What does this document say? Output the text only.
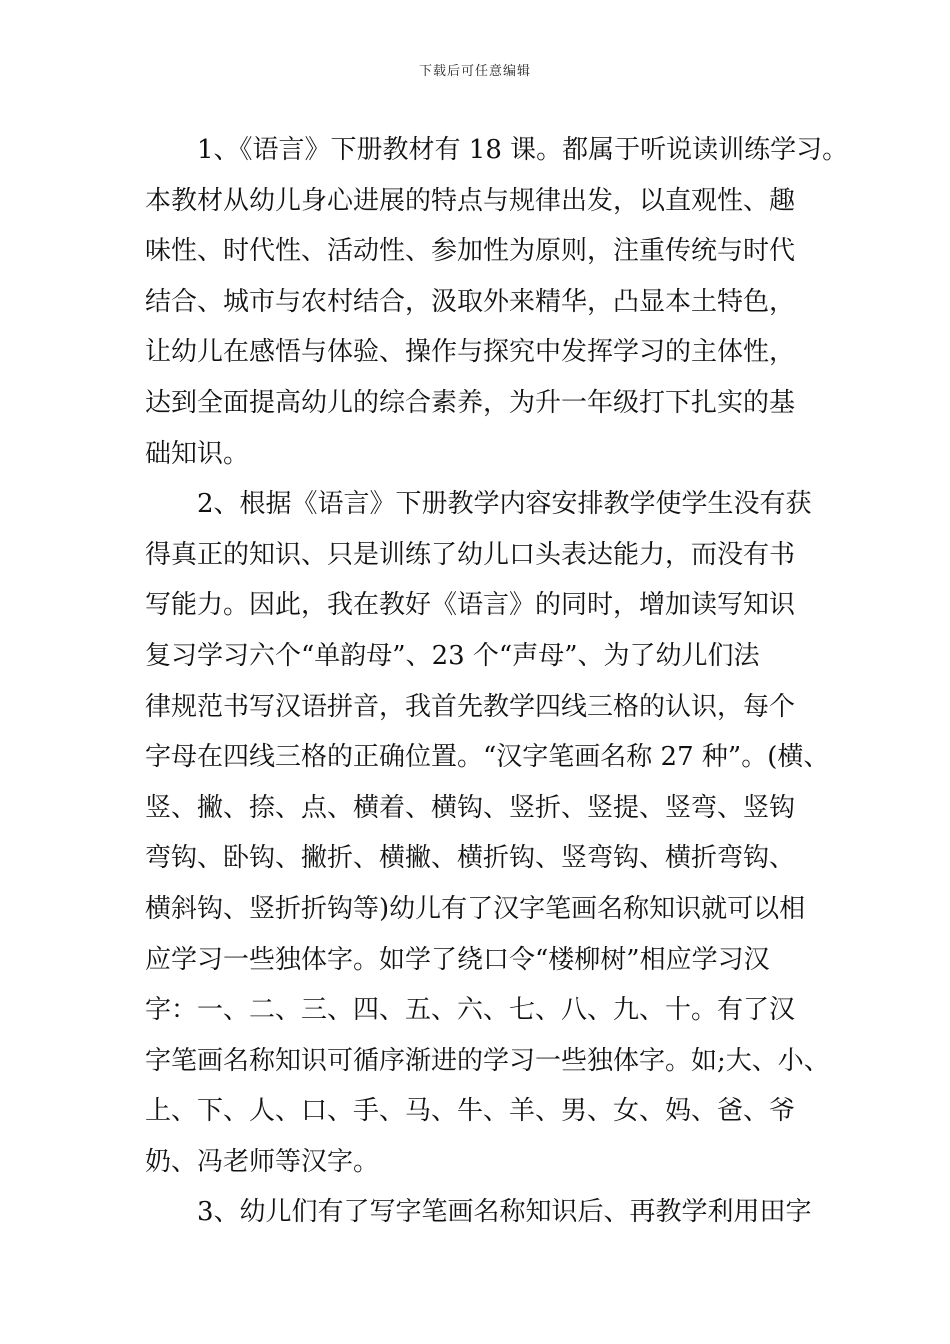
下载后可任意编辑
1、《语言》下册教材有 18 课。都属于听说读训练学习。
本教材从幼儿身心进展的特点与规律出发，以直观性、趣
味性、时代性、活动性、参加性为原则，注重传统与时代
结合、城市与农村结合，汲取外来精华，凸显本土特色，
让幼儿在感悟与体验、操作与探究中发挥学习的主体性，
达到全面提高幼儿的综合素养，为升一年级打下扎实的基
础知识。
2、根据《语言》下册教学内容安排教学使学生没有获
得真正的知识、只是训练了幼儿口头表达能力，而没有书
写能力。因此，我在教好《语言》的同时，增加读写知识
复习学习六个“单韵母”、23 个“声母”、为了幼儿们法
律规范书写汉语拼音，我首先教学四线三格的认识，每个
字母在四线三格的正确位置。“汉字笔画名称 27 种”。(横、
竖、撇、捺、点、横着、横钩、竖折、竖提、竖弯、竖钩
弯钩、卧钩、撇折、横撇、横折钩、竖弯钩、横折弯钩、
横斜钩、竖折折钩等)幼儿有了汉字笔画名称知识就可以相
应学习一些独体字。如学了绕口令“楼柳树”相应学习汉
字：一、二、三、四、五、六、七、八、九、十。有了汉
字笔画名称知识可循序渐进的学习一些独体字。如;大、小、
上、下、人、口、手、马、牛、羊、男、女、妈、爸、爷
奶、冯老师等汉字。
3、幼儿们有了写字笔画名称知识后、再教学利用田字
